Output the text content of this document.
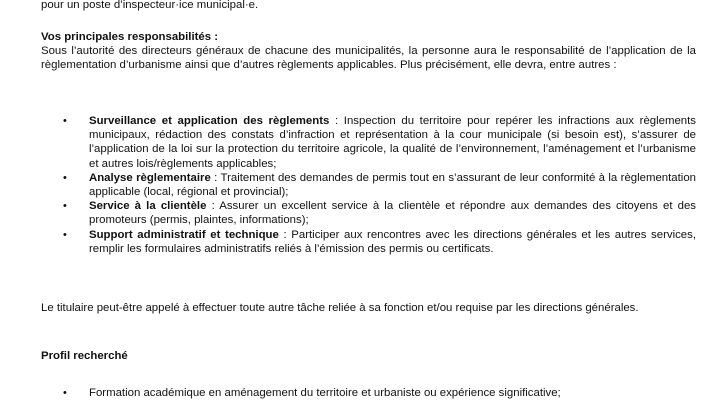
pour un poste d’inspecteur·ice municipal·e.

Vos principales responsabilités :

Sous l’autorité des directeurs généraux de chacune des municipalités, la personne aura le responsabilité de l’application de la règlementation d’urbanisme ainsi que d’autres règlements applicables. Plus précisément, elle devra, entre autres :

• Surveillance et application des règlements : Inspection du territoire pour repérer les infractions aux règlements municipaux, rédaction des constats d’infraction et représentation à la cour municipale (si besoin est), s’assurer de l’application de la loi sur la protection du territoire agricole, la qualité de l’environnement, l’aménagement et l’urbanisme et autres lois/règlements applicables;
• Analyse règlementaire : Traitement des demandes de permis tout en s’assurant de leur conformité à la règlementation applicable (local, régional et provincial);
• Service à la clientèle : Assurer un excellent service à la clientèle et répondre aux demandes des citoyens et des promoteurs (permis, plaintes, informations);
• Support administratif et technique : Participer aux rencontres avec les directions générales et les autres services, remplir les formulaires administratifs reliés à l’émission des permis ou certificats.

Le titulaire peut-être appelé à effectuer toute autre tâche reliée à sa fonction et/ou requise par les directions générales.

Profil recherché

• Formation académique en aménagement du territoire et urbaniste ou expérience significative;
